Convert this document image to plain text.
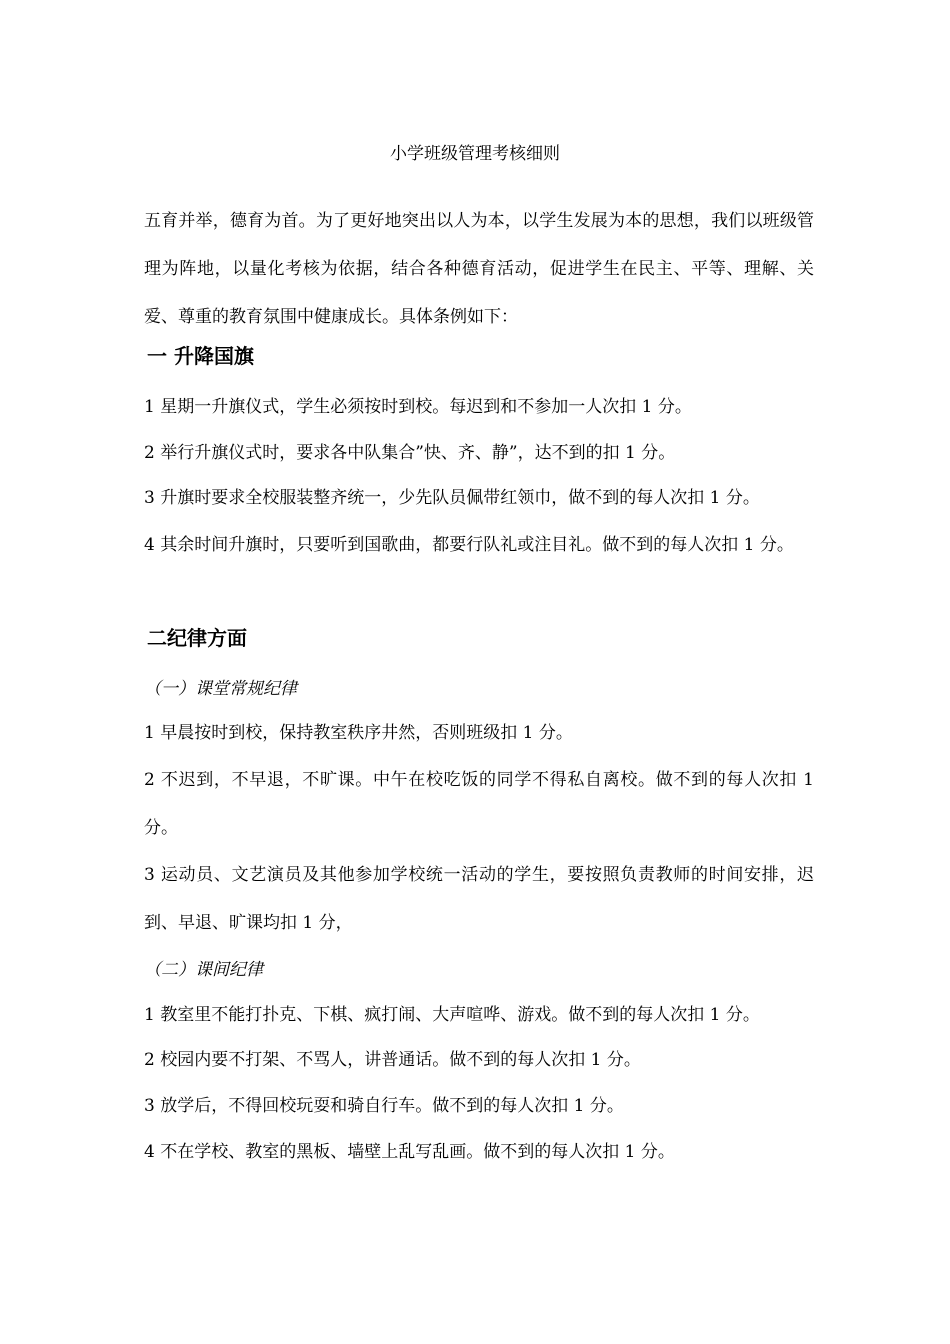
小学班级管理考核细则
五育并举，德育为首。为了更好地突出以人为本，以学生发展为本的思想，我们以班级管理为阵地，以量化考核为依据，结合各种德育活动，促进学生在民主、平等、理解、关爱、尊重的教育氛围中健康成长。具体条例如下：
一 升降国旗
1 星期一升旗仪式，学生必须按时到校。每迟到和不参加一人次扣 1 分。
2 举行升旗仪式时，要求各中队集合”快、齐、静”，达不到的扣 1 分。
3 升旗时要求全校服装整齐统一，少先队员佩带红领巾，做不到的每人次扣 1 分。
4 其余时间升旗时，只要听到国歌曲，都要行队礼或注目礼。做不到的每人次扣 1 分。
二纪律方面
（一）课堂常规纪律
1 早晨按时到校，保持教室秩序井然，否则班级扣 1 分。
2 不迟到，不早退，不旷课。中午在校吃饭的同学不得私自离校。做不到的每人次扣 1 分。
3 运动员、文艺演员及其他参加学校统一活动的学生，要按照负责教师的时间安排，迟到、早退、旷课均扣 1 分，
（二）课间纪律
1 教室里不能打扑克、下棋、疯打闹、大声喧哗、游戏。做不到的每人次扣 1 分。
2 校园内要不打架、不骂人，讲普通话。做不到的每人次扣 1 分。
3 放学后，不得回校玩耍和骑自行车。做不到的每人次扣 1 分。
4 不在学校、教室的黑板、墙壁上乱写乱画。做不到的每人次扣 1 分。
